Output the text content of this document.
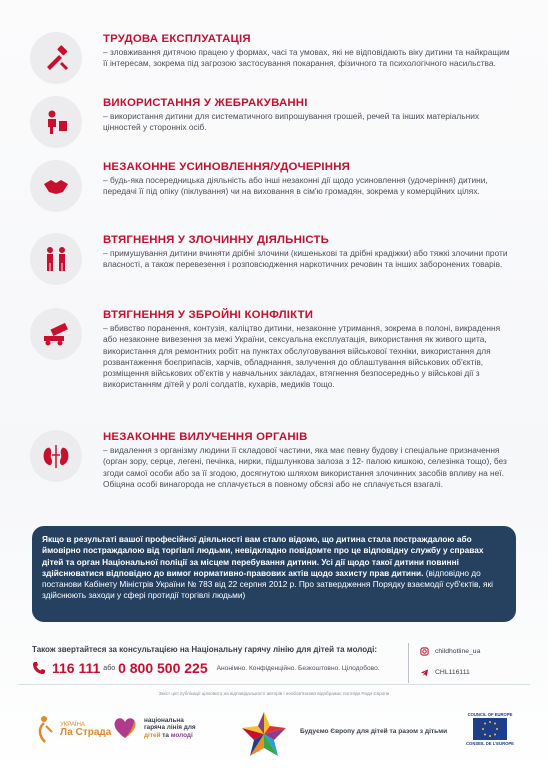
ТРУДОВА ЕКСПЛУАТАЦІЯ

– зловживання дитячою працею у формах, часі та умовах, які не відповідають віку дитини та найкращим її інтересам, зокрема під загрозою застосування покарання, фізичного та психологічного насильства.

ВИКОРИСТАННЯ У ЖЕБРАКУВАННІ

– використання дитини для систематичного випрошування грошей, речей та інших матеріальних цінностей у сторонніх осіб.

НЕЗАКОННЕ УСИНОВЛЕННЯ/УДОЧЕРІННЯ

– будь-яка посередницька діяльність або інші незаконні дії щодо усиновлення (удочеріння) дитини, передачі її під опіку (піклування) чи на виховання в сім'ю громадян, зокрема у комерційних цілях.

ВТЯГНЕННЯ У ЗЛОЧИННУ ДІЯЛЬНІСТЬ

– примушування дитини вчиняти дрібні злочини (кишенькові та дрібні крадіжки) або тяжкі злочини проти власності, а також перевезення і розповсюдження наркотичних речовин та інших заборонених товарів.

ВТЯГНЕННЯ У ЗБРОЙНІ КОНФЛІКТИ

– вбивство поранення, контузія, каліцтво дитини, незаконне утримання, зокрема в полоні, викрадення або незаконне вивезення за межі України, сексуальна експлуатація, використання як живого щита, використання для ремонтних робіт на пунктах обслуговування військової техніки, використання для розвантаження боєприпасів, харчів, обладнання, залучення до облаштування військових об'єктів, розміщення військових об'єктів у навчальних закладах, втягнення безпосередньо у військові дії з використанням дітей у ролі солдатів, кухарів, медиків тощо.

НЕЗАКОННЕ ВИЛУЧЕННЯ ОРГАНІВ

– видалення з організму людини її складової частини, яка має певну будову і спеціальне призначення (орган зору, серце, легені, печінка, нирки, підшлункова залоза з 12- палою кишкою, селезінка тощо), без згоди самої особи або за її згодою, досягнутою шляхом використання злочинних засобів впливу на неї. Обіцяна особі винагорода не сплачується в повному обсязі або не сплачується взагалі.

Якщо в результаті вашої професійної діяльності вам стало відомо, що дитина стала постраждалою або ймовірно постраждалою від торгівлі людьми, невідкладно повідомте про це відповідну службу у справах дітей та орган Національної поліції за місцем перебування дитини. Усі дії щодо такої дитини повинні здійснюватися відповідно до вимог нормативно-правових актів щодо захисту прав дитини. (відповідно до постанови Кабінету Міністрів України № 783 від 22 серпня 2012 р. Про затвердження Порядку взаємодії суб'єктів, які здійснюють заходи у сфері протидії торгівлі людьми)
Також звертайтеся за консультацією на Національну гарячу лінію для дітей та молоді:
116 111 або 0 800 500 225 Анонімно. Конфіденційно. Безкоштовно. Цілодобово.
childhotline_ua
CHL116111
Зміст цієї публікації цілковито на відповідальності авторів і необов'язково відображає погляди Ради Європи
УКРАЇНА
Ла Страда
національна
гаряча лінія для
дітей та молоді
Будуємо Європу для дітей та разом з дітьми
COUNCIL OF EUROPE
CONSEIL DE L'EUROPE
